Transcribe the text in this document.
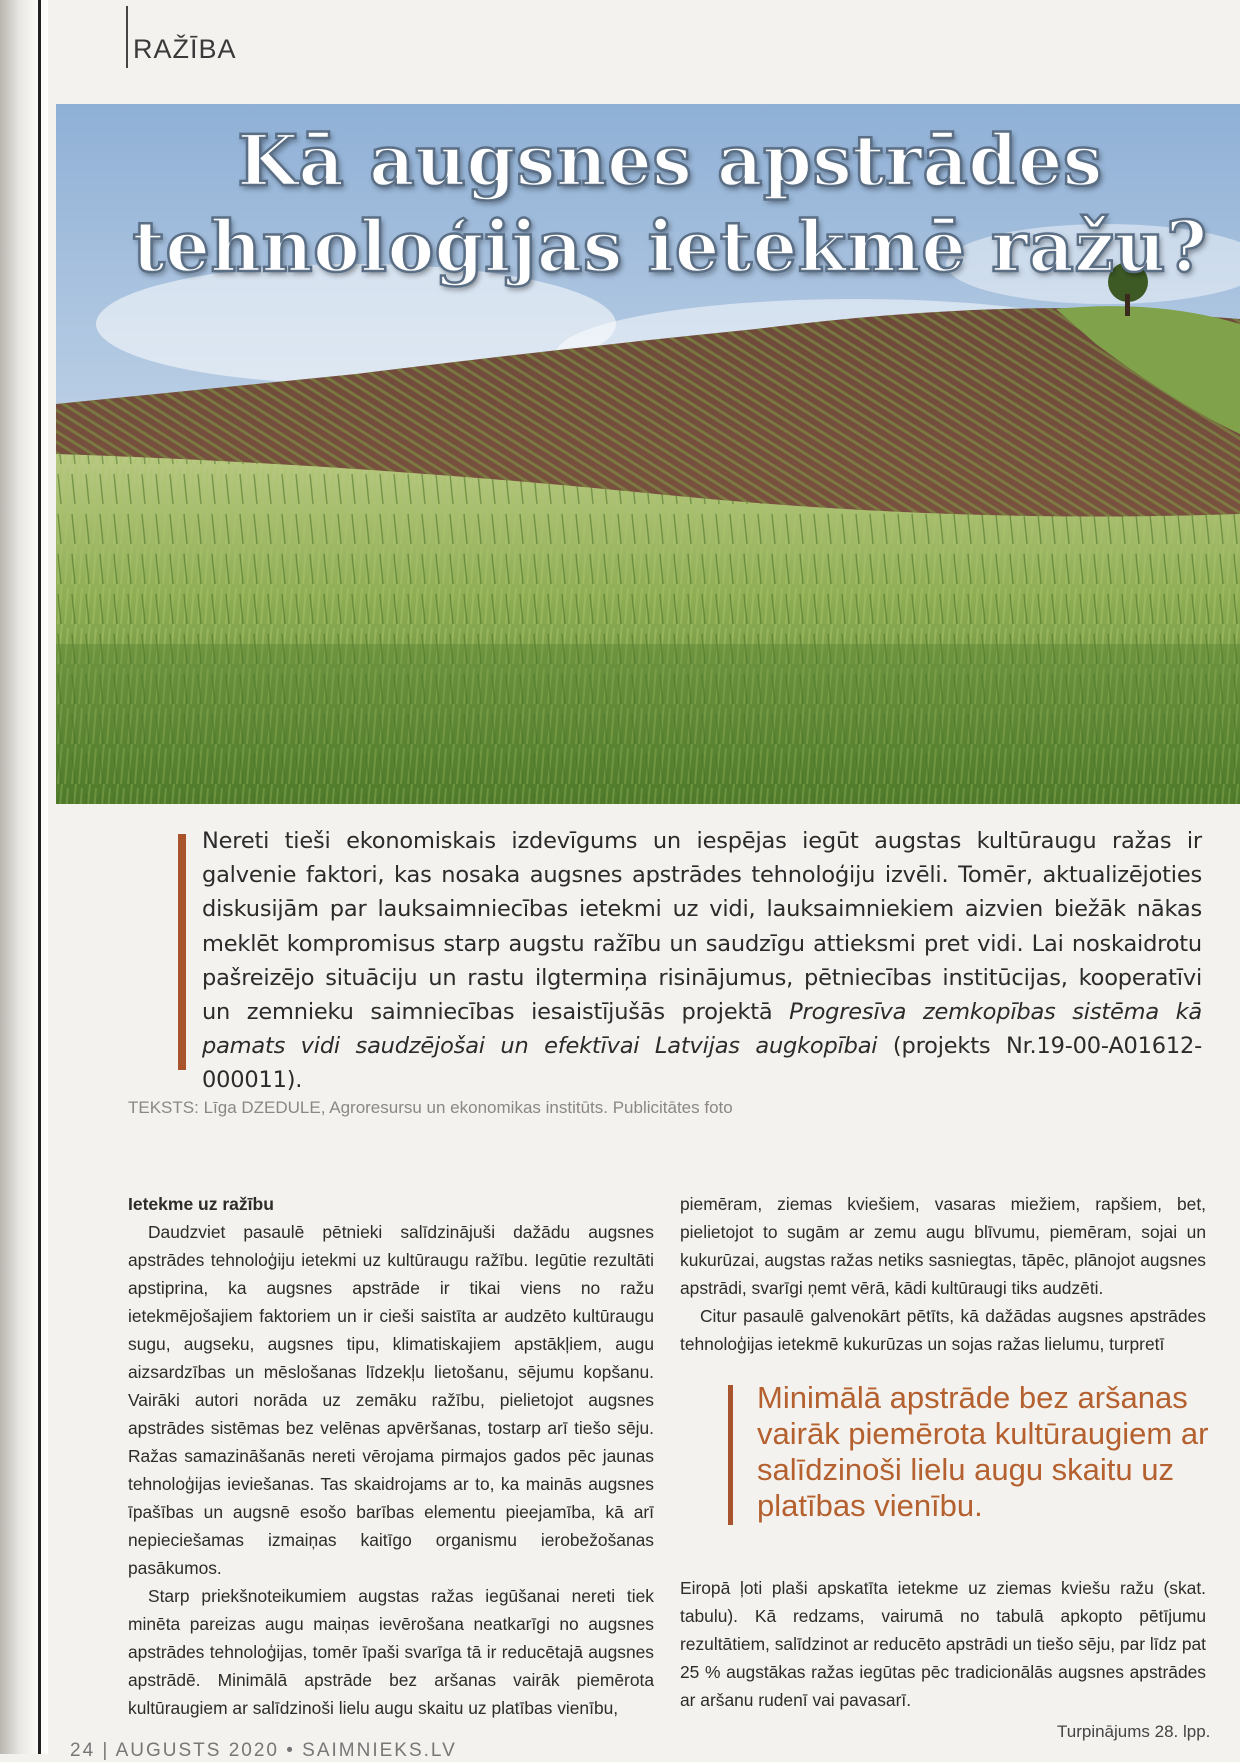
RAŽĪBA
Kā augsnes apstrādes
tehnoloģijas ietekmē ražu?
Nereti tieši ekonomiskais izdevīgums un iespējas iegūt augstas kultūraugu ražas ir galvenie faktori, kas nosaka augsnes apstrādes tehnoloģiju izvēli. Tomēr, aktualizējoties diskusijām par lauksaimniecības ietekmi uz vidi, lauksaimniekiem aizvien biežāk nākas meklēt kompromisus starp augstu ražību un saudzīgu attieksmi pret vidi. Lai noskaidrotu pašreizējo situāciju un rastu ilgtermiņa risinājumus, pētniecības institūcijas, kooperatīvi un zemnieku saimniecības iesaistījušās projektā Progresīva zemkopības sistēma kā pamats vidi saudzējošai un efektīvai Latvijas augkopībai (projekts Nr.19-00-A01612-000011).
TEKSTS: Līga DZEDULE, Agroresursu un ekonomikas institūts. Publicitātes foto
Ietekme uz ražību

Daudzviet pasaulē pētnieki salīdzinājuši dažādu augsnes apstrādes tehnoloģiju ietekmi uz kultūraugu ražību. Iegūtie rezultāti apstiprina, ka augsnes apstrāde ir tikai viens no ražu ietekmējošajiem faktoriem un ir cieši saistīta ar audzēto kultūraugu sugu, augseku, augsnes tipu, klimatiskajiem apstākļiem, augu aizsardzības un mēslošanas līdzekļu lietošanu, sējumu kopšanu. Vairāki autori norāda uz zemāku ražību, pielietojot augsnes apstrādes sistēmas bez velēnas apvēršanas, tostarp arī tiešo sēju. Ražas samazināšanās nereti vērojama pirmajos gados pēc jaunas tehnoloģijas ieviešanas. Tas skaidrojams ar to, ka mainās augsnes īpašības un augsnē esošo barības elementu pieejamība, kā arī nepieciešamas izmaiņas kaitīgo organismu ierobežošanas pasākumos.

Starp priekšnoteikumiem augstas ražas iegūšanai nereti tiek minēta pareizas augu maiņas ievērošana neatkarīgi no augsnes apstrādes tehnoloģijas, tomēr īpaši svarīga tā ir reducētajā augsnes apstrādē. Minimālā apstrāde bez aršanas vairāk piemērota kultūraugiem ar salīdzinoši lielu augu skaitu uz platības vienību,

piemēram, ziemas kviešiem, vasaras miežiem, rapšiem, bet, pielietojot to sugām ar zemu augu blīvumu, piemēram, sojai un kukurūzai, augstas ražas netiks sasniegtas, tāpēc, plānojot augsnes apstrādi, svarīgi ņemt vērā, kādi kultūraugi tiks audzēti.

Citur pasaulē galvenokārt pētīts, kā dažādas augsnes apstrādes tehnoloģijas ietekmē kukurūzas un sojas ražas lielumu, turpretī

Minimālā apstrāde bez aršanas vairāk piemērota kultūraugiem ar salīdzinoši lielu augu skaitu uz platības vienību.

Eiropā ļoti plaši apskatīta ietekme uz ziemas kviešu ražu (skat. tabulu). Kā redzams, vairumā no tabulā apkopto pētījumu rezultātiem, salīdzinot ar reducēto apstrādi un tiešo sēju, par līdz pat 25 % augstākas ražas iegūtas pēc tradicionālās augsnes apstrādes ar aršanu rudenī vai pavasarī.

Turpinājums 28. lpp.
24 | AUGUSTS 2020 • SAIMNIEKS.LV
